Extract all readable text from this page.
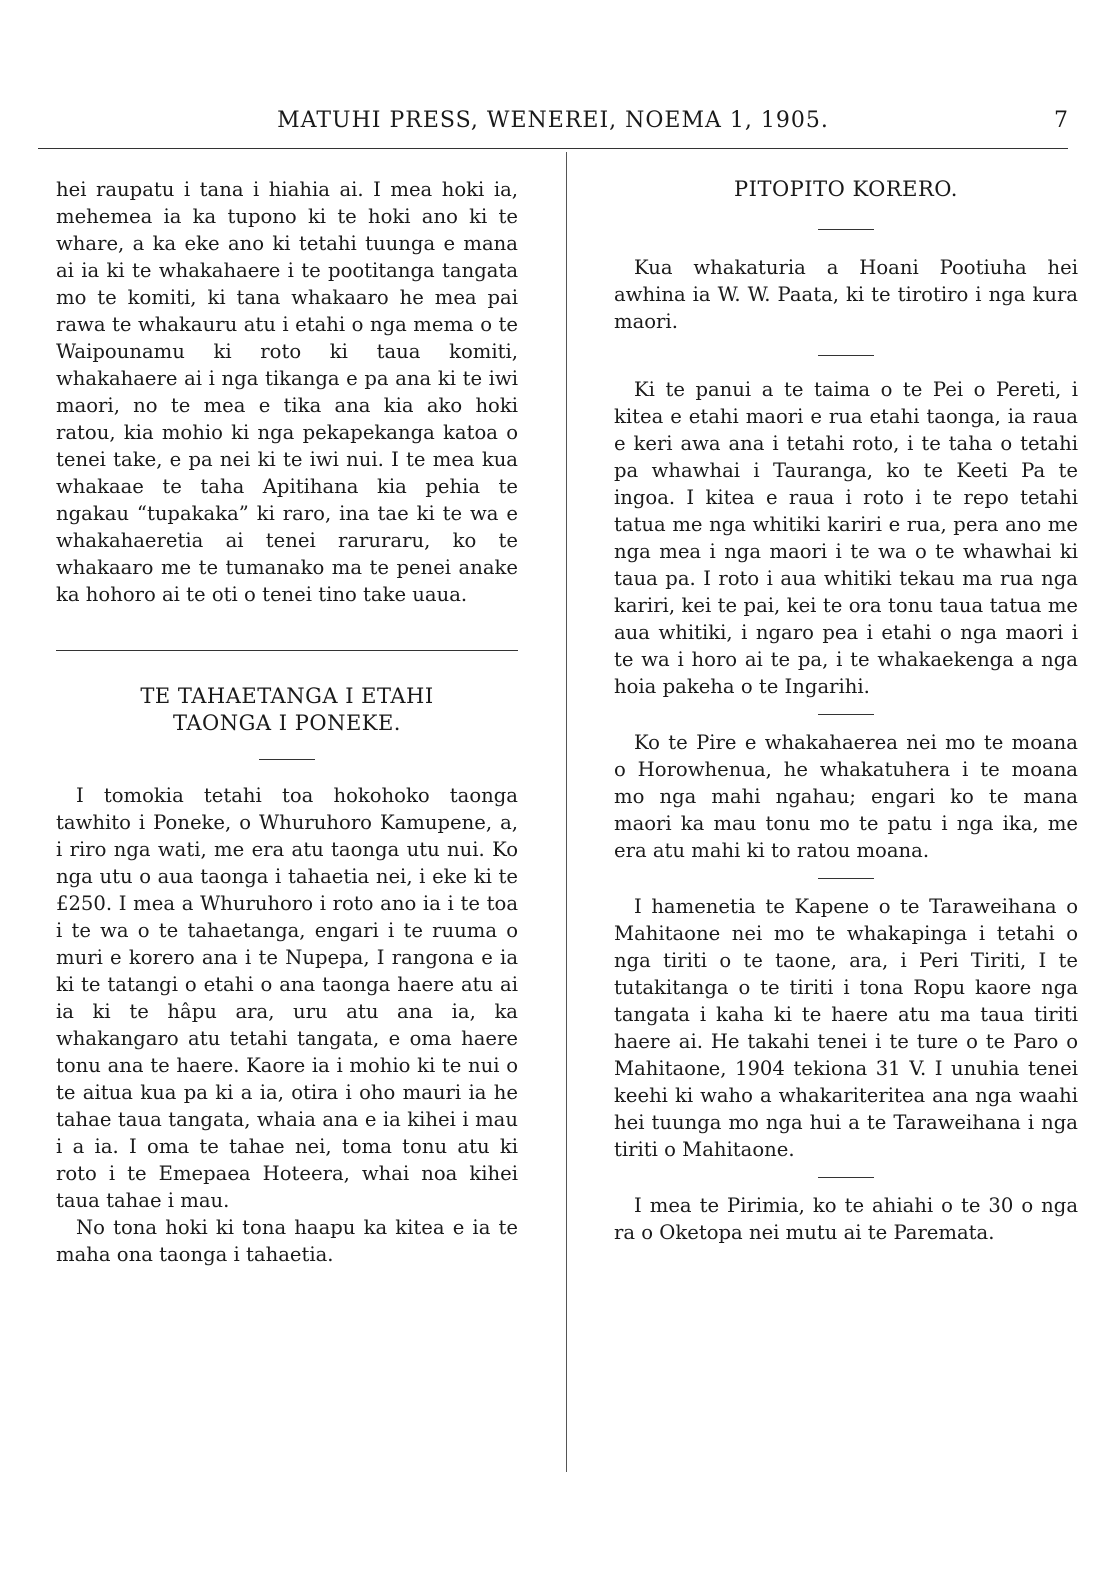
MATUHI PRESS, WENEREI, NOEMA 1, 1905.	7

hei raupatu i tana i hiahia ai. I mea hoki ia, mehemea ia ka tupono ki te hoki ano ki te whare, a ka eke ano ki tetahi tuunga e mana ai ia ki te whakahaere i te pootitanga tangata mo te komiti, ki tana whakaaro he mea pai rawa te whakauru atu i etahi o nga mema o te Waipounamu ki roto ki taua komiti, whakahaere ai i nga tikanga e pa ana ki te iwi maori, no te mea e tika ana kia ako hoki ratou, kia mohio ki nga pekapekanga katoa o tenei take, e pa nei ki te iwi nui. I te mea kua whakaae te taha Apitihana kia pehia te ngakau “tupakaka” ki raro, ina tae ki te wa e whakahaeretia ai tenei raruraru, ko te whakaaro me te tumanako ma te penei anake ka hohoro ai te oti o tenei tino take uaua.

TE TAHAETANGA I ETAHI
TAONGA I PONEKE.

I tomokia tetahi toa hokohoko taonga tawhito i Poneke, o Whuruhoro Kamupene, a, i riro nga wati, me era atu taonga utu nui. Ko nga utu o aua taonga i tahaetia nei, i eke ki te £250. I mea a Whuruhoro i roto ano ia i te toa i te wa o te tahaetanga, engari i te ruuma o muri e korero ana i te Nupepa, I rangona e ia ki te tatangi o etahi o ana taonga haere atu ai ia ki te hâpu ara, uru atu ana ia, ka whakangaro atu tetahi tangata, e oma haere tonu ana te haere. Kaore ia i mohio ki te nui o te aitua kua pa ki a ia, otira i oho mauri ia he tahae taua tangata, whaia ana e ia kihei i mau i a ia. I oma te tahae nei, toma tonu atu ki roto i te Emepaea Hoteera, whai noa kihei taua tahae i mau.

No tona hoki ki tona haapu ka kitea e ia te maha ona taonga i tahaetia.

PITOPITO KORERO.

Kua whakaturia a Hoani Pootiuha hei awhina ia W. W. Paata, ki te tirotiro i nga kura maori.

Ki te panui a te taima o te Pei o Pereti, i kitea e etahi maori e rua etahi taonga, ia raua e keri awa ana i tetahi roto, i te taha o tetahi pa whawhai i Tauranga, ko te Keeti Pa te ingoa. I kitea e raua i roto i te repo tetahi tatua me nga whitiki kariri e rua, pera ano me nga mea i nga maori i te wa o te whawhai ki taua pa. I roto i aua whitiki tekau ma rua nga kariri, kei te pai, kei te ora tonu taua tatua me aua whitiki, i ngaro pea i etahi o nga maori i te wa i horo ai te pa, i te whakaekenga a nga hoia pakeha o te Ingarihi.

Ko te Pire e whakahaerea nei mo te moana o Horowhenua, he whakatuhera i te moana mo nga mahi ngahau; engari ko te mana maori ka mau tonu mo te patu i nga ika, me era atu mahi ki to ratou moana.

I hamenetia te Kapene o te Taraweihana o Mahitaone nei mo te whakapinga i tetahi o nga tiriti o te taone, ara, i Peri Tiriti, I te tutakitanga o te tiriti i tona Ropu kaore nga tangata i kaha ki te haere atu ma taua tiriti haere ai. He takahi tenei i te ture o te Paro o Mahitaone, 1904 tekiona 31 V. I unuhia tenei keehi ki waho a whakariteritea ana nga waahi hei tuunga mo nga hui a te Taraweihana i nga tiriti o Mahitaone.

I mea te Pirimia, ko te ahiahi o te 30 o nga ra o Oketopa nei mutu ai te Paremata.
